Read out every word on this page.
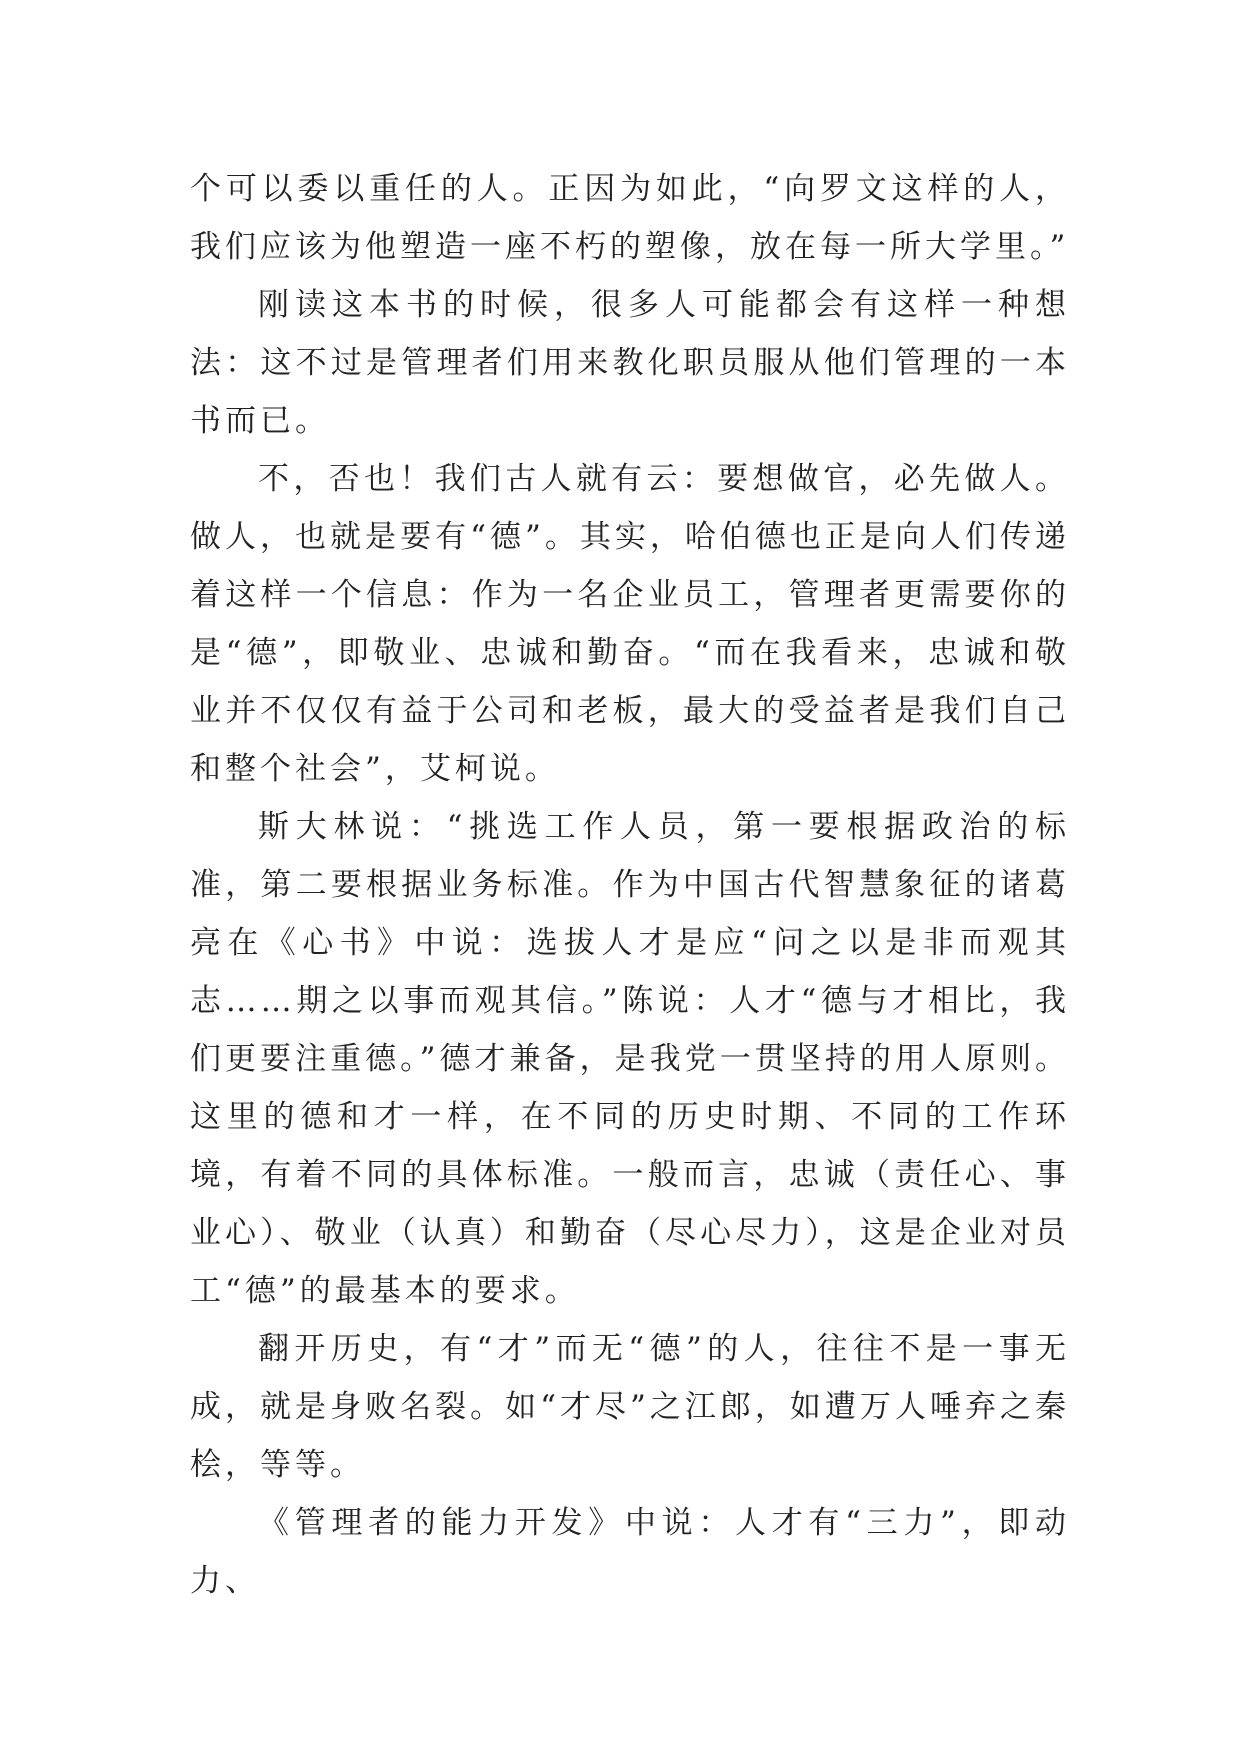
个可以委以重任的人。正因为如此，“向罗文这样的人，我们应该为他塑造一座不朽的塑像，放在每一所大学里。”

刚读这本书的时候，很多人可能都会有这样一种想法：这不过是管理者们用来教化职员服从他们管理的一本书而已。

不，否也！我们古人就有云：要想做官，必先做人。做人，也就是要有“德”。其实，哈伯德也正是向人们传递着这样一个信息：作为一名企业员工，管理者更需要你的是“德”，即敬业、忠诚和勤奋。“而在我看来，忠诚和敬业并不仅仅有益于公司和老板，最大的受益者是我们自己和整个社会”，艾柯说。

斯大林说：“挑选工作人员，第一要根据政治的标准，第二要根据业务标准。作为中国古代智慧象征的诸葛亮在《心书》中说：选拔人才是应“问之以是非而观其志……期之以事而观其信。”陈说：人才“德与才相比，我们更要注重德。”德才兼备，是我党一贯坚持的用人原则。这里的德和才一样，在不同的历史时期、不同的工作环境，有着不同的具体标准。一般而言，忠诚（责任心、事业心）、敬业（认真）和勤奋（尽心尽力），这是企业对员工“德”的最基本的要求。

翻开历史，有“才”而无“德”的人，往往不是一事无成，就是身败名裂。如“才尽”之江郎，如遭万人唾弃之秦桧，等等。

《管理者的能力开发》中说：人才有“三力”，即动力、
